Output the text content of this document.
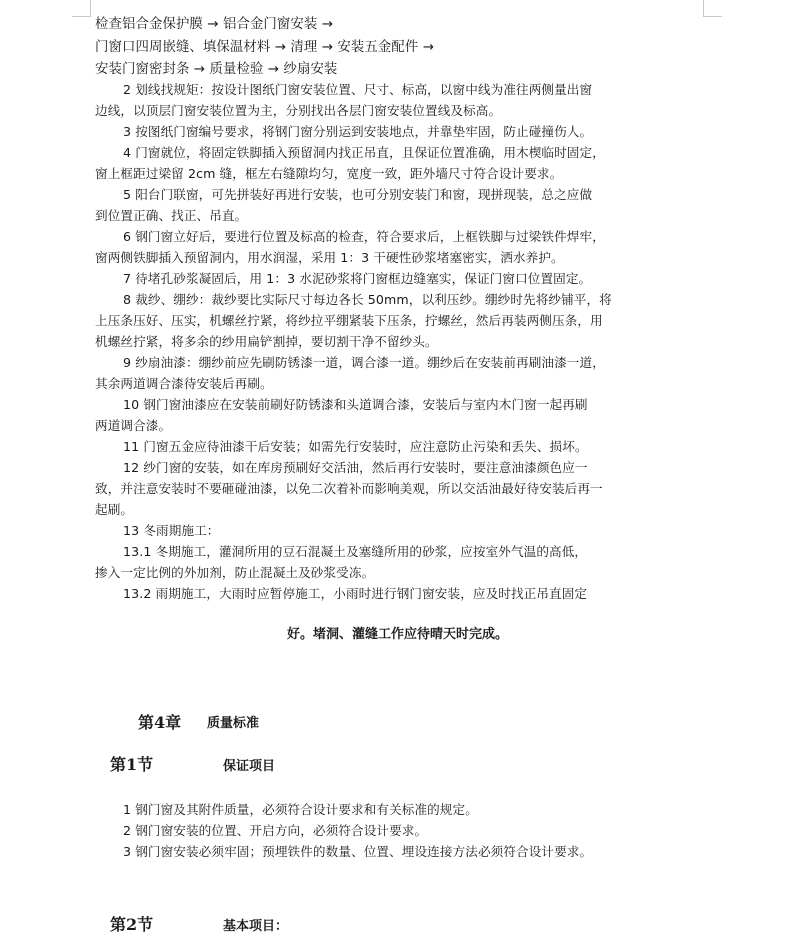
检查铝合金保护膜 → 铝合金门窗安装 →
门窗口四周嵌缝、填保温材料 → 清理 → 安装五金配件 →
安装门窗密封条 → 质量检验 → 纱扇安装
2 划线找规矩：按设计图纸门窗安装位置、尺寸、标高，以窗中线为准往两侧量出窗
边线，以顶层门窗安装位置为主，分别找出各层门窗安装位置线及标高。
3 按图纸门窗编号要求，将钢门窗分别运到安装地点，并靠垫牢固，防止碰撞伤人。
4 门窗就位，将固定铁脚插入预留洞内找正吊直，且保证位置准确，用木楔临时固定，
窗上框距过梁留 2cm 缝，框左右缝隙均匀，宽度一致，距外墙尺寸符合设计要求。
5 阳台门联窗，可先拼装好再进行安装，也可分别安装门和窗，现拼现装，总之应做
到位置正确、找正、吊直。
6 钢门窗立好后，要进行位置及标高的检查，符合要求后，上框铁脚与过梁铁件焊牢，
窗两侧铁脚插入预留洞内，用水润湿，采用 1：3 干硬性砂浆堵塞密实，洒水养护。
7 待堵孔砂浆凝固后，用 1：3 水泥砂浆将门窗框边缝塞实，保证门窗口位置固定。
8 裁纱、绷纱：裁纱要比实际尺寸每边各长 50mm，以利压纱。绷纱时先将纱铺平，将
上压条压好、压实，机螺丝拧紧，将纱拉平绷紧装下压条，拧螺丝，然后再装两侧压条，用
机螺丝拧紧，将多余的纱用扁铲割掉，要切割干净不留纱头。
9 纱扇油漆：绷纱前应先刷防锈漆一道，调合漆一道。绷纱后在安装前再刷油漆一道，
其余两道调合漆待安装后再刷。
10 钢门窗油漆应在安装前刷好防锈漆和头道调合漆，安装后与室内木门窗一起再刷
两道调合漆。
11 门窗五金应待油漆干后安装；如需先行安装时，应注意防止污染和丢失、损坏。
12 纱门窗的安装，如在库房预刷好交活油，然后再行安装时，要注意油漆颜色应一
致，并注意安装时不要砸碰油漆，以免二次着补而影响美观，所以交活油最好待安装后再一
起刷。
13 冬雨期施工：
13.1 冬期施工，灌洞所用的豆石混凝土及塞缝所用的砂浆，应按室外气温的高低，
掺入一定比例的外加剂，防止混凝土及砂浆受冻。
13.2 雨期施工，大雨时应暂停施工，小雨时进行钢门窗安装，应及时找正吊直固定
好。堵洞、灌缝工作应待晴天时完成。
第4章 质量标准
第1节	保证项目
1 钢门窗及其附件质量，必须符合设计要求和有关标准的规定。
2 钢门窗安装的位置、开启方向，必须符合设计要求。
3 钢门窗安装必须牢固；预埋铁件的数量、位置、埋设连接方法必须符合设计要求。
第2节	基本项目：
